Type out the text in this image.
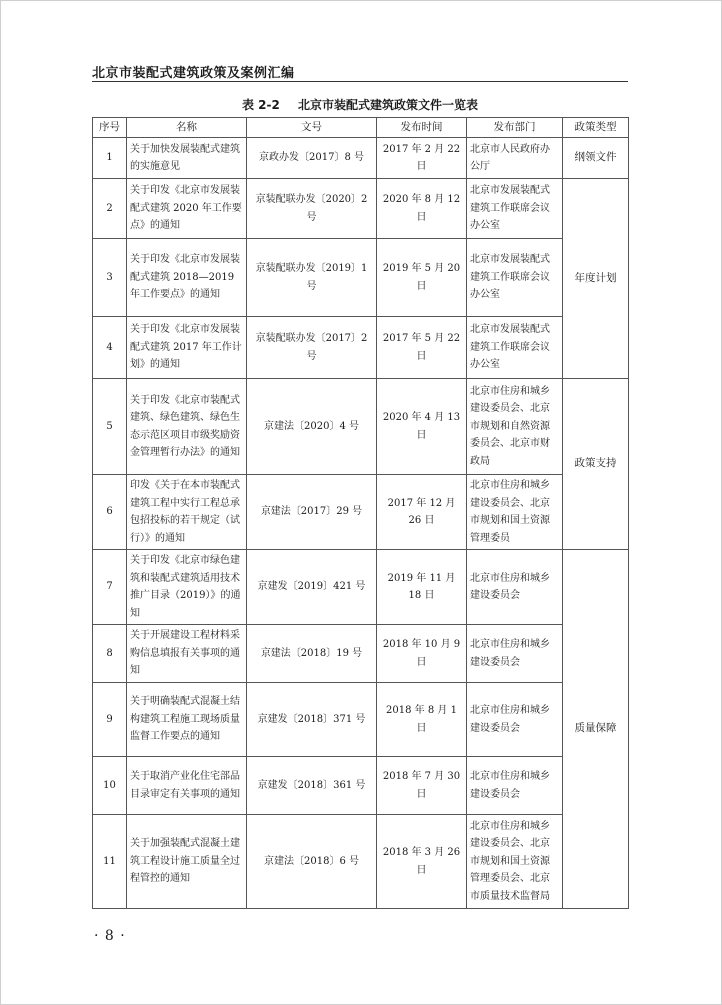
北京市装配式建筑政策及案例汇编
表 2-2 北京市装配式建筑政策文件一览表
序号	名称	文号	发布时间	发布部门	政策类型
1	关于加快发展装配式建筑的实施意见	京政办发〔2017〕8 号	2017 年 2 月 22 日	北京市人民政府办公厅	纲领文件
2	关于印发《北京市发展装配式建筑 2020 年工作要点》的通知	京装配联办发〔2020〕2 号	2020 年 8 月 12 日	北京市发展装配式建筑工作联席会议办公室	年度计划
3	关于印发《北京市发展装配式建筑 2018—2019 年工作要点》的通知	京装配联办发〔2019〕1 号	2019 年 5 月 20 日	北京市发展装配式建筑工作联席会议办公室	
4	关于印发《北京市发展装配式建筑 2017 年工作计划》的通知	京装配联办发〔2017〕2 号	2017 年 5 月 22 日	北京市发展装配式建筑工作联席会议办公室	
5	关于印发《北京市装配式建筑、绿色建筑、绿色生态示范区项目市级奖励资金管理暂行办法》的通知	京建法〔2020〕4 号	2020 年 4 月 13 日	北京市住房和城乡建设委员会、北京市规划和自然资源委员会、北京市财政局	政策支持
6	印发《关于在本市装配式建筑工程中实行工程总承包招投标的若干规定（试行）》的通知	京建法〔2017〕29 号	2017 年 12 月 26 日	北京市住房和城乡建设委员会、北京市规划和国土资源管理委员	
7	关于印发《北京市绿色建筑和装配式建筑适用技术推广目录（2019）》的通知	京建发〔2019〕421 号	2019 年 11 月 18 日	北京市住房和城乡建设委员会	质量保障
8	关于开展建设工程材料采购信息填报有关事项的通知	京建法〔2018〕19 号	2018 年 10 月 9 日	北京市住房和城乡建设委员会	
9	关于明确装配式混凝土结构建筑工程施工现场质量监督工作要点的通知	京建发〔2018〕371 号	2018 年 8 月 1 日	北京市住房和城乡建设委员会	
10	关于取消产业化住宅部品目录审定有关事项的通知	京建发〔2018〕361 号	2018 年 7 月 30 日	北京市住房和城乡建设委员会	
11	关于加强装配式混凝土建筑工程设计施工质量全过程管控的通知	京建法〔2018〕6 号	2018 年 3 月 26 日	北京市住房和城乡建设委员会、北京市规划和国土资源管理委员会、北京市质量技术监督局	
· 8 ·
